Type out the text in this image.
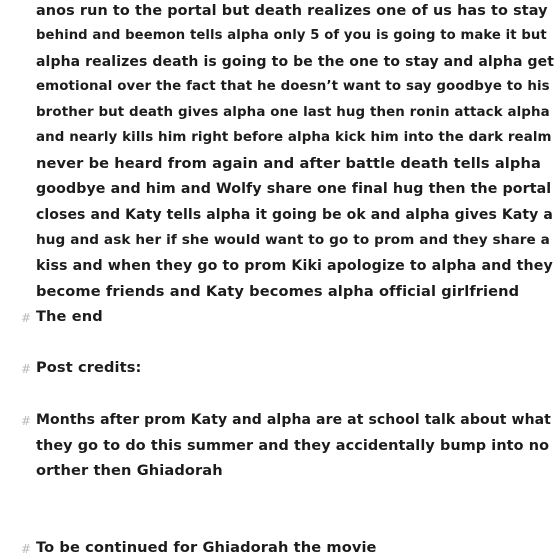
anos run to the portal but death realizes one of us has to stay
behind and beemon tells alpha only 5 of you is going to make it but
alpha realizes death is going to be the one to stay and alpha get
emotional over the fact that he doesn’t want to say goodbye to his
brother but death gives alpha one last hug then ronin attack alpha
and nearly kills him right before alpha kick him into the dark realm
never be heard from again and after battle death tells alpha
goodbye and him and Wolfy share one final hug then the portal
closes and Katy tells alpha it going be ok and alpha gives Katy a
hug and ask her if she would want to go to prom and they share a
kiss and when they go to prom Kiki apologize to alpha and they
become friends and Katy becomes alpha official girlfriend
# The end
# Post credits:
# Months after prom Katy and alpha are at school talk about what
they go to do this summer and they accidentally bump into no
orther then Ghiadorah
# To be continued for Ghiadorah the movie
